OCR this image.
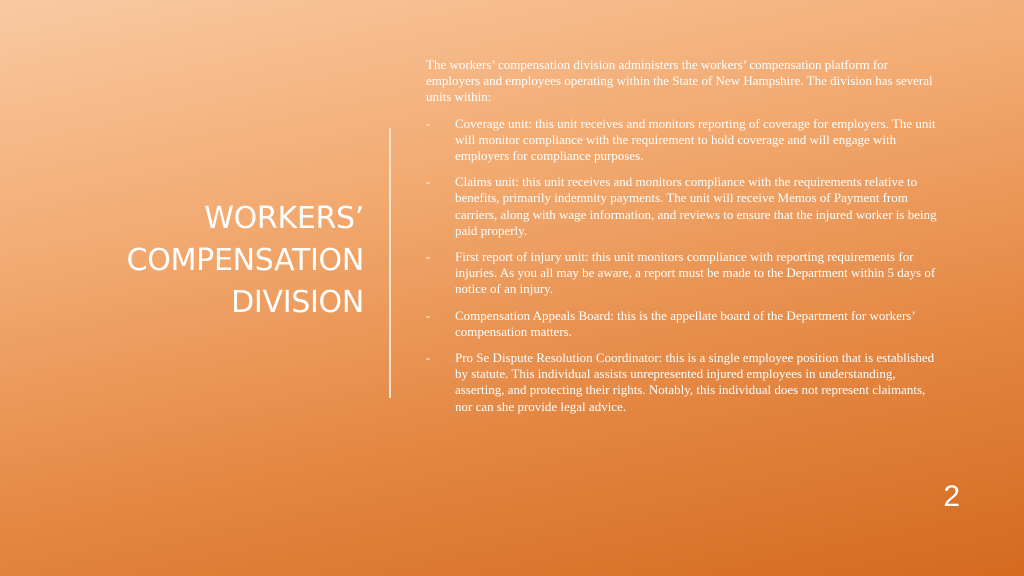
WORKERS’
COMPENSATION
DIVISION

The workers’ compensation division administers the workers’ compensation platform for employers and employees operating within the State of New Hampshire. The division has several units within:

- Coverage unit: this unit receives and monitors reporting of coverage for employers. The unit will monitor compliance with the requirement to hold coverage and will engage with employers for compliance purposes.
- Claims unit: this unit receives and monitors compliance with the requirements relative to benefits, primarily indemnity payments. The unit will receive Memos of Payment from carriers, along with wage information, and reviews to ensure that the injured worker is being paid properly.
- First report of injury unit: this unit monitors compliance with reporting requirements for injuries. As you all may be aware, a report must be made to the Department within 5 days of notice of an injury.
- Compensation Appeals Board: this is the appellate board of the Department for workers’ compensation matters.
- Pro Se Dispute Resolution Coordinator: this is a single employee position that is established by statute. This individual assists unrepresented injured employees in understanding, asserting, and protecting their rights. Notably, this individual does not represent claimants, nor can she provide legal advice.
2
